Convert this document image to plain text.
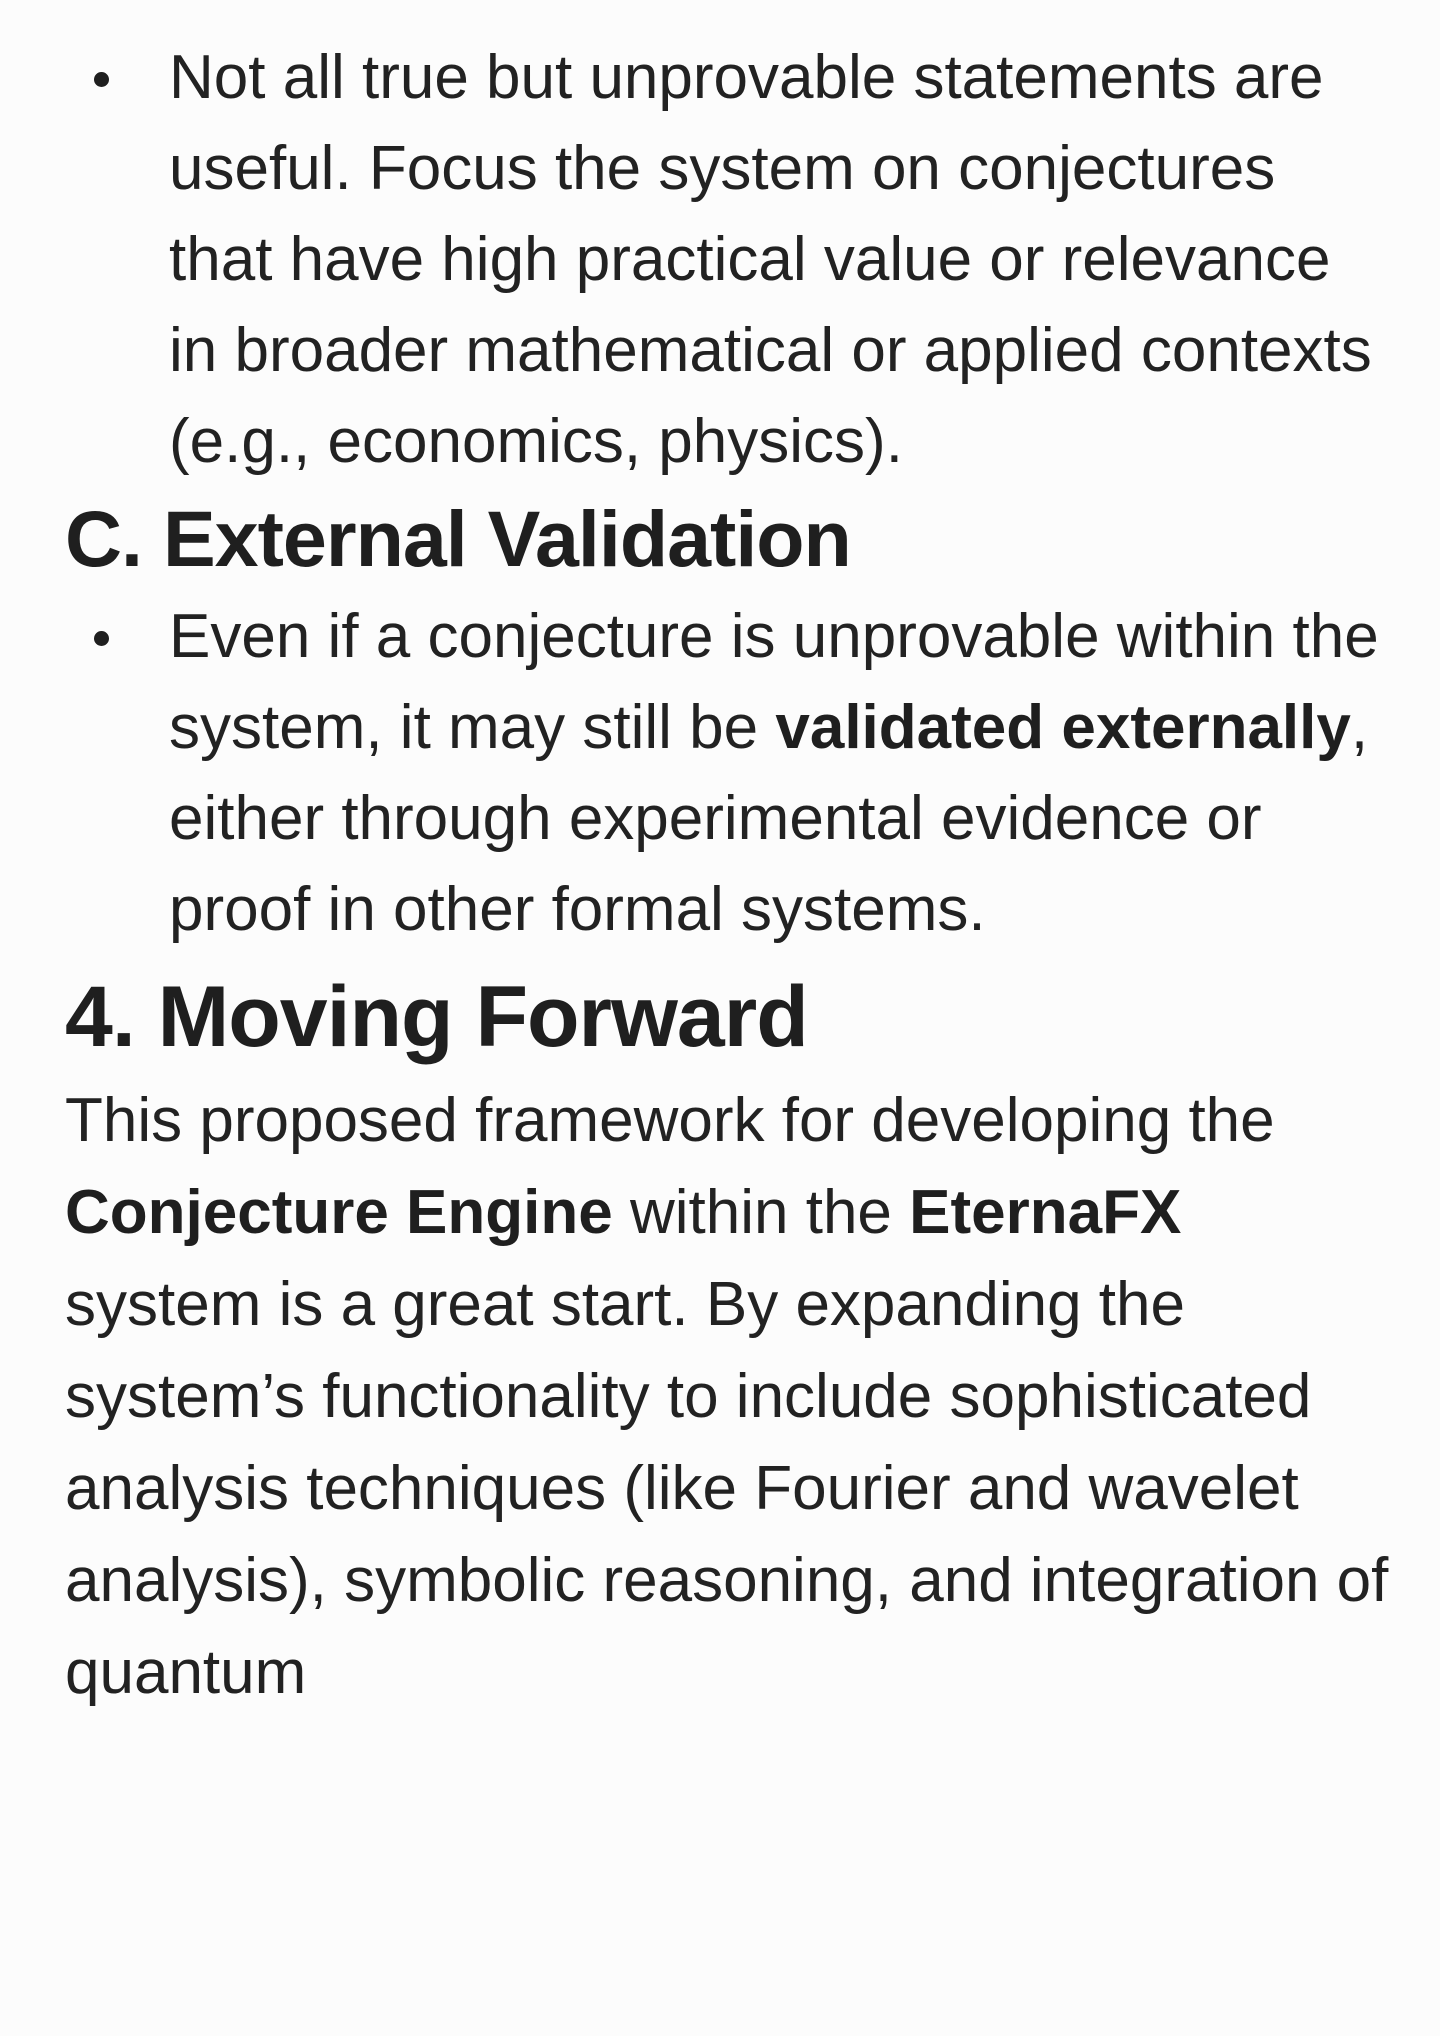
Not all true but unprovable statements are useful. Focus the system on conjectures that have high practical value or relevance in broader mathematical or applied contexts (e.g., economics, physics).
C. External Validation
Even if a conjecture is unprovable within the system, it may still be validated externally, either through experimental evidence or proof in other formal systems.
4. Moving Forward

This proposed framework for developing the Conjecture Engine within the EternaFX system is a great start. By expanding the system’s functionality to include sophisticated analysis techniques (like Fourier and wavelet analysis), symbolic reasoning, and integration of quantum
